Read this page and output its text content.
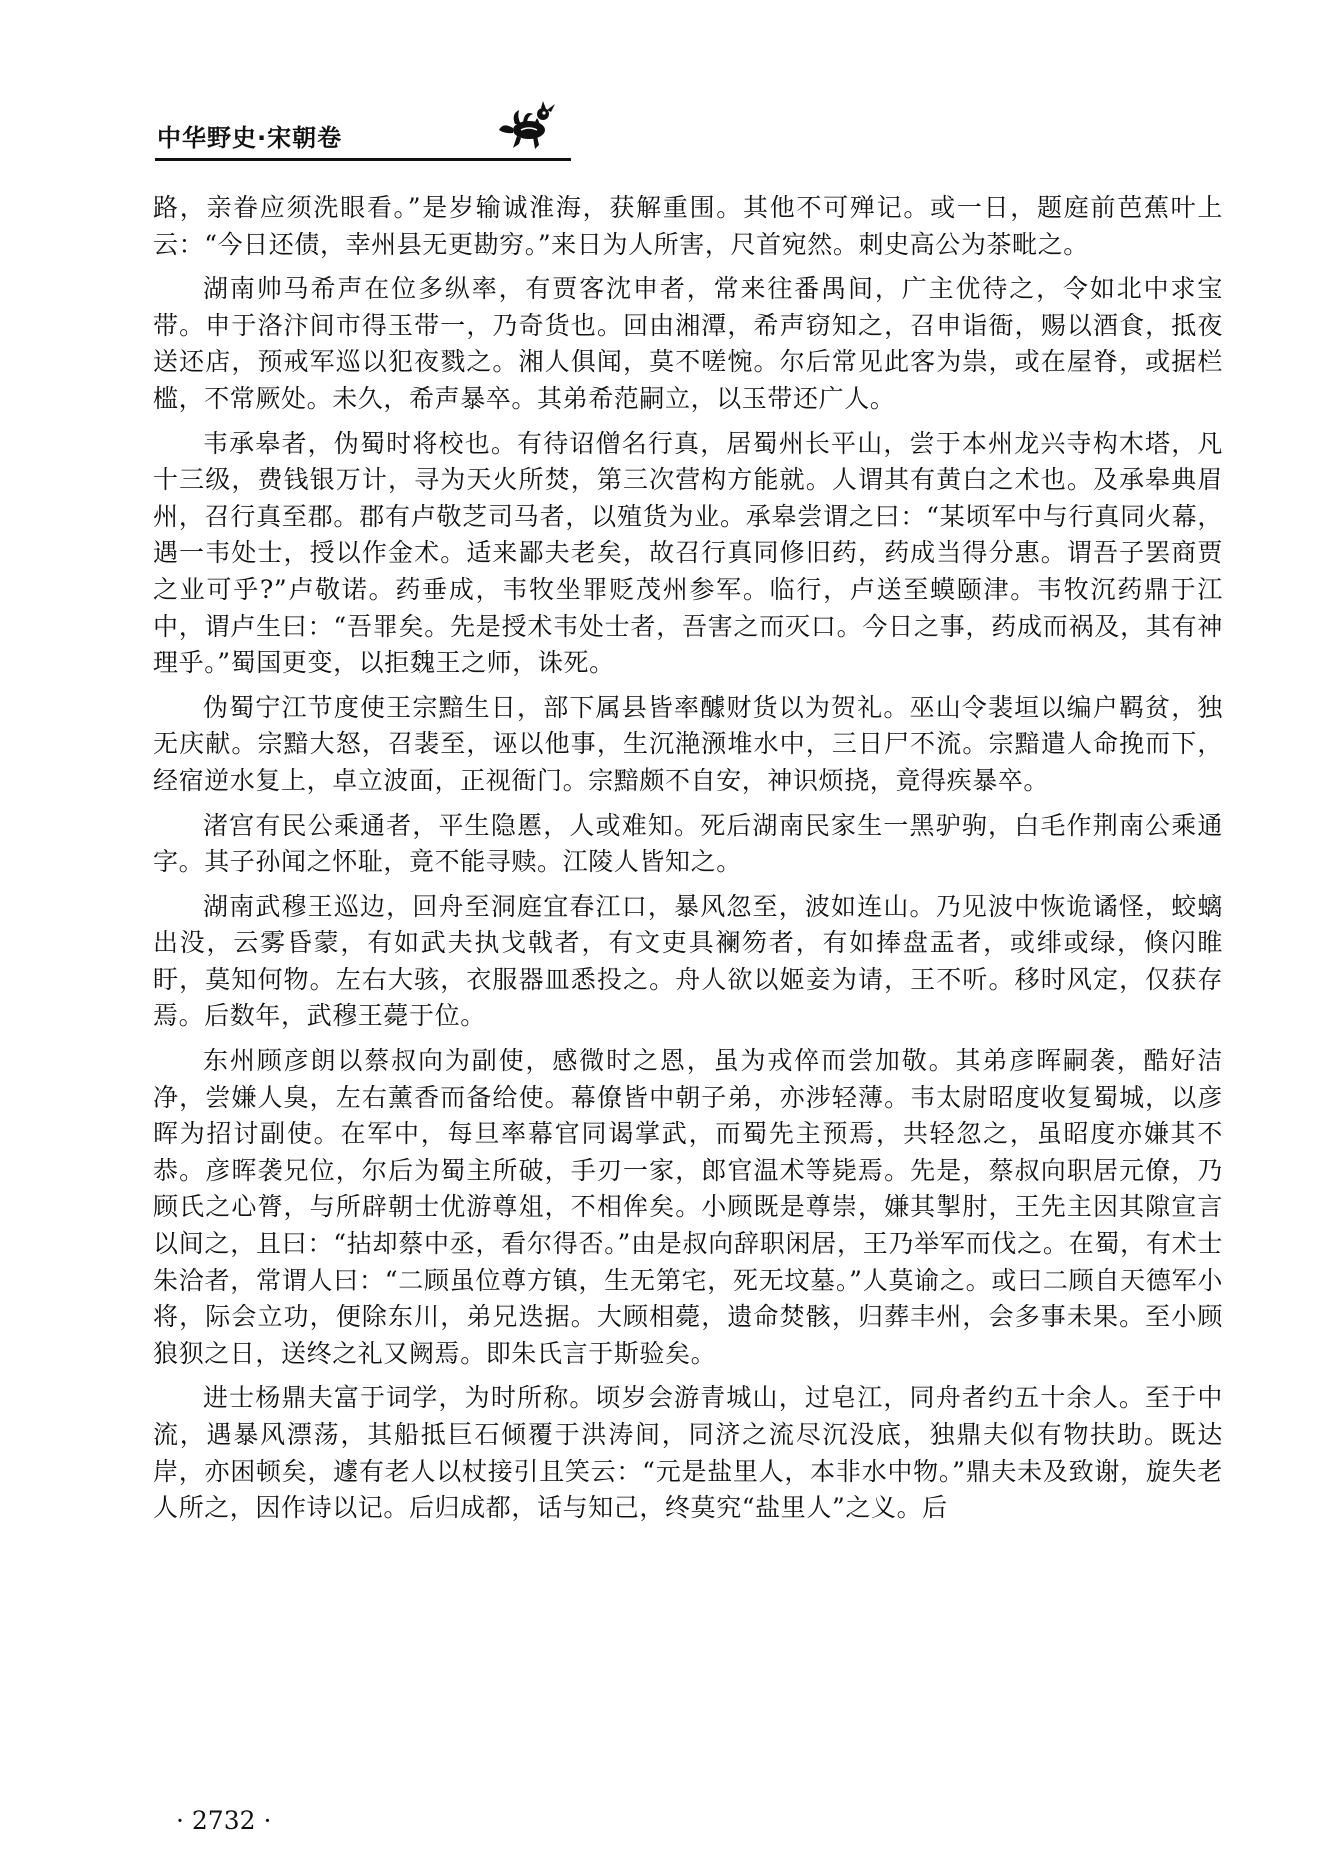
中华野史·宋朝卷

路，亲眷应须洗眼看。”是岁输诚淮海，获解重围。其他不可殚记。或一日，题庭前芭蕉叶上云：“今日还债，幸州县无更勘穷。”来日为人所害，尺首宛然。刺史高公为茶毗之。

湖南帅马希声在位多纵率，有贾客沈申者，常来往番禺间，广主优待之，令如北中求宝带。申于洛汴间市得玉带一，乃奇货也。回由湘潭，希声窃知之，召申诣衙，赐以酒食，抵夜送还店，预戒军巡以犯夜戮之。湘人俱闻，莫不嗟惋。尔后常见此客为祟，或在屋脊，或据栏槛，不常厥处。未久，希声暴卒。其弟希范嗣立，以玉带还广人。

韦承皋者，伪蜀时将校也。有待诏僧名行真，居蜀州长平山，尝于本州龙兴寺构木塔，凡十三级，费钱银万计，寻为天火所焚，第三次营构方能就。人谓其有黄白之术也。及承皋典眉州，召行真至郡。郡有卢敬芝司马者，以殖货为业。承皋尝谓之曰：“某顷军中与行真同火幕，遇一韦处士，授以作金术。适来鄙夫老矣，故召行真同修旧药，药成当得分惠。谓吾子罢商贾之业可乎?”卢敬诺。药垂成，韦牧坐罪贬茂州参军。临行，卢送至蟆颐津。韦牧沉药鼎于江中，谓卢生曰：“吾罪矣。先是授术韦处士者，吾害之而灭口。今日之事，药成而祸及，其有神理乎。”蜀国更变，以拒魏王之师，诛死。

伪蜀宁江节度使王宗黯生日，部下属县皆率醵财货以为贺礼。巫山令裴垣以编户羁贫，独无庆献。宗黯大怒，召裴至，诬以他事，生沉滟滪堆水中，三日尸不流。宗黯遣人命挽而下，经宿逆水复上，卓立波面，正视衙门。宗黯颇不自安，神识烦挠，竟得疾暴卒。

渚宫有民公乘通者，平生隐慝，人或难知。死后湖南民家生一黑驴驹，白毛作荆南公乘通字。其子孙闻之怀耻，竟不能寻赎。江陵人皆知之。

湖南武穆王巡边，回舟至洞庭宜春江口，暴风忽至，波如连山。乃见波中恢诡谲怪，蛟螭出没，云雾昏蒙，有如武夫执戈戟者，有文吏具襕笏者，有如捧盘盂者，或绯或绿，倏闪睢盱，莫知何物。左右大骇，衣服器皿悉投之。舟人欲以姬妾为请，王不听。移时风定，仅获存焉。后数年，武穆王薨于位。

东州顾彦朗以蔡叔向为副使，感微时之恩，虽为戎倅而尝加敬。其弟彦晖嗣袭，酷好洁净，尝嫌人臭，左右薰香而备给使。幕僚皆中朝子弟，亦涉轻薄。韦太尉昭度收复蜀城，以彦晖为招讨副使。在军中，每旦率幕官同谒掌武，而蜀先主预焉，共轻忽之，虽昭度亦嫌其不恭。彦晖袭兄位，尔后为蜀主所破，手刃一家，郎官温术等毙焉。先是，蔡叔向职居元僚，乃顾氏之心膂，与所辟朝士优游尊俎，不相侔矣。小顾既是尊崇，嫌其掣肘，王先主因其隙宣言以间之，且曰：“拈却蔡中丞，看尔得否。”由是叔向辞职闲居，王乃举军而伐之。在蜀，有术士朱洽者，常谓人曰：“二顾虽位尊方镇，生无第宅，死无坟墓。”人莫谕之。或曰二顾自天德军小将，际会立功，便除东川，弟兄迭据。大顾相薨，遗命焚骸，归葬丰州，会多事未果。至小顾狼狈之日，送终之礼又阙焉。即朱氏言于斯验矣。

进士杨鼎夫富于词学，为时所称。顷岁会游青城山，过皂江，同舟者约五十余人。至于中流，遇暴风漂荡，其船抵巨石倾覆于洪涛间，同济之流尽沉没底，独鼎夫似有物扶助。既达岸，亦困顿矣，遽有老人以杖接引且笑云：“元是盐里人，本非水中物。”鼎夫未及致谢，旋失老人所之，因作诗以记。后归成都，话与知己，终莫究“盐里人”之义。后

· 2732 ·
